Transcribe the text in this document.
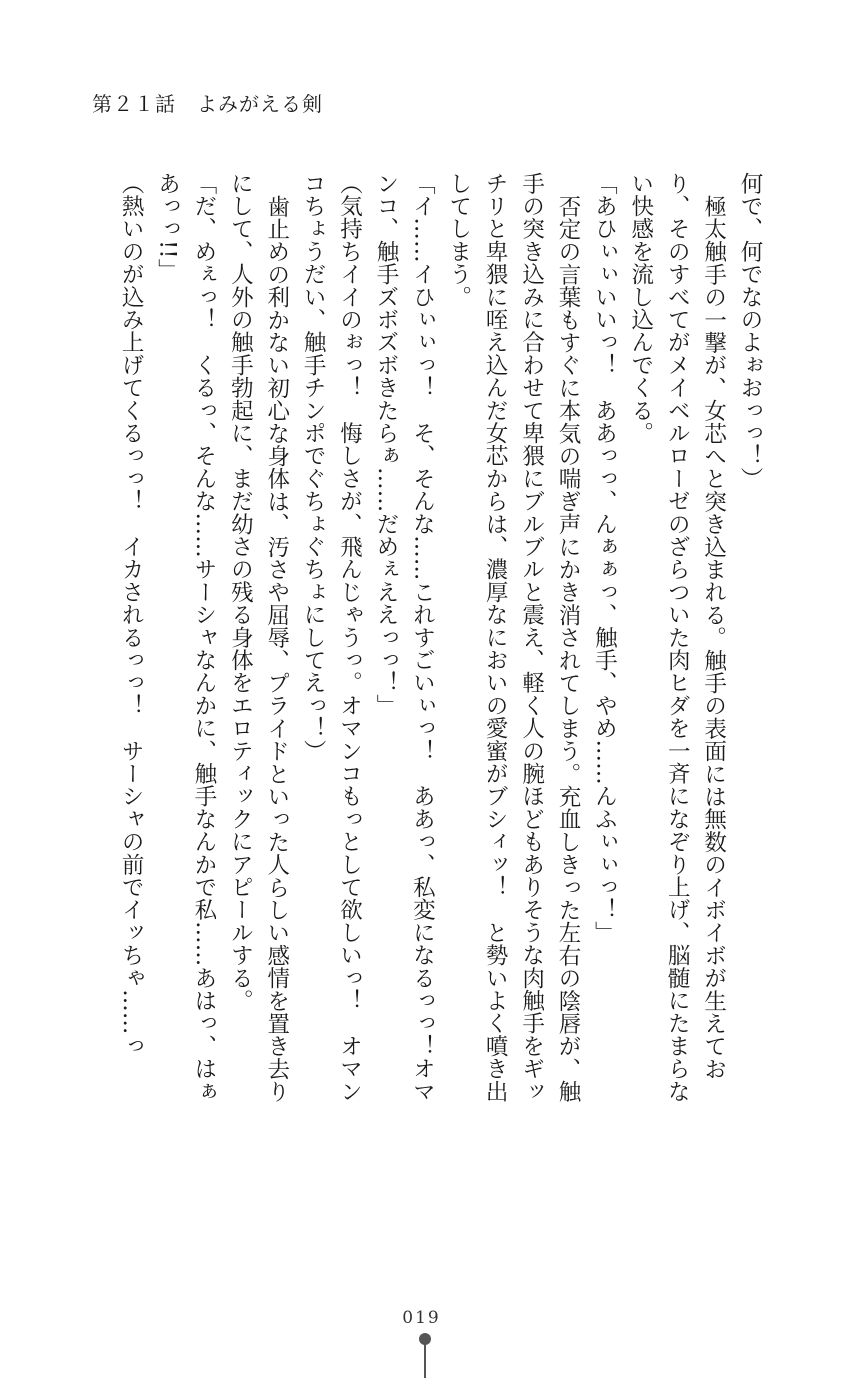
第２１話　よみがえる剣

何で、何でなのよぉおっっ！）

極太触手の一撃が、女芯へと突き込まれる。触手の表面には無数のイボイボが生えており、そのすべてがメイベルローゼのざらついた肉ヒダを一斉になぞり上げ、脳髄にたまらない快感を流し込んでくる。

「あひぃぃいいっ！　ああっっ、んぁぁっ、触手、やめ……んふぃぃっ！」

否定の言葉もすぐに本気の喘ぎ声にかき消されてしまう。充血しきった左右の陰唇が、触手の突き込みに合わせて卑猥にブルブルと震え、軽く人の腕ほどもありそうな肉触手をギッチリと卑猥に咥え込んだ女芯からは、濃厚なにおいの愛蜜がブシィッ！　と勢いよく噴き出してしまう。

「イ……イひぃぃっ！　そ、そんな……これすごいぃっ！　ああっ、私変になるっっ！オマンコ、触手ズボズボきたらぁ……だめぇええっっ！」

（気持ちイイのぉっ！　悔しさが、飛んじゃうっ。オマンコもっとして欲しいっ！　オマンコちょうだい、触手チンポでぐちょぐちょにしてえっ！）

歯止めの利かない初心な身体は、汚さや屈辱、プライドといった人らしい感情を置き去りにして、人外の触手勃起に、まだ幼さの残る身体をエロティックにアピールする。

「だ、めぇっ！　くるっ、そんな……サーシャなんかに、触手なんかで私……あはっ、はぁあっっ!!」

（熱いのが込み上げてくるっっ！　イカされるっっ！　サーシャの前でイッちゃ……っ

019
